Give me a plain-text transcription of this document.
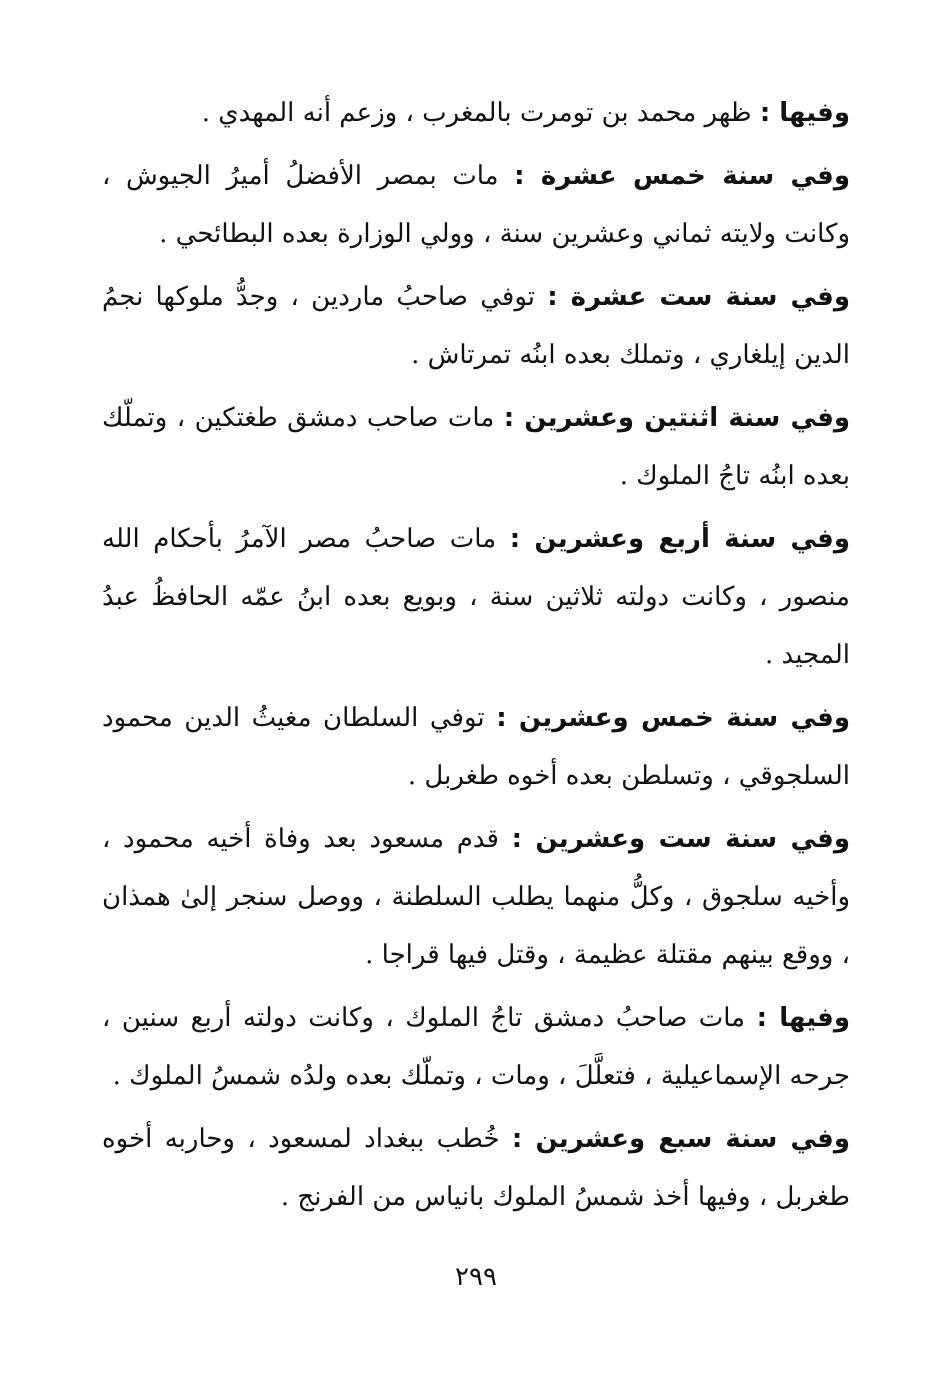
وفيها : ظهر محمد بن تومرت بالمغرب ، وزعم أنه المهدي .

وفي سنة خمس عشرة : مات بمصر الأفضلُ أميرُ الجيوش ، وكانت ولايته ثماني وعشرين سنة ، وولي الوزارة بعده البطائحي .

وفي سنة ست عشرة : توفي صاحبُ ماردين ، وجدُّ ملوكها نجمُ الدين إيلغاري ، وتملك بعده ابنُه تمرتاش .

وفي سنة اثنتين وعشرين : مات صاحب دمشق طغتكين ، وتملّك بعده ابنُه تاجُ الملوك .

وفي سنة أربع وعشرين : مات صاحبُ مصر الآمرُ بأحكام الله منصور ، وكانت دولته ثلاثين سنة ، وبويع بعده ابنُ عمّه الحافظُ عبدُ المجيد .

وفي سنة خمس وعشرين : توفي السلطان مغيثُ الدين محمود السلجوقي ، وتسلطن بعده أخوه طغربل .

وفي سنة ست وعشرين : قدم مسعود بعد وفاة أخيه محمود ، وأخيه سلجوق ، وكلُّ منهما يطلب السلطنة ، ووصل سنجر إلىٰ همذان ، ووقع بينهم مقتلة عظيمة ، وقتل فيها قراجا .

وفيها : مات صاحبُ دمشق تاجُ الملوك ، وكانت دولته أربع سنين ، جرحه الإسماعيلية ، فتعلَّلَ ، ومات ، وتملّك بعده ولدُه شمسُ الملوك .

وفي سنة سبع وعشرين : خُطب ببغداد لمسعود ، وحاربه أخوه طغربل ، وفيها أخذ شمسُ الملوك بانياس من الفرنج .

٢٩٩
